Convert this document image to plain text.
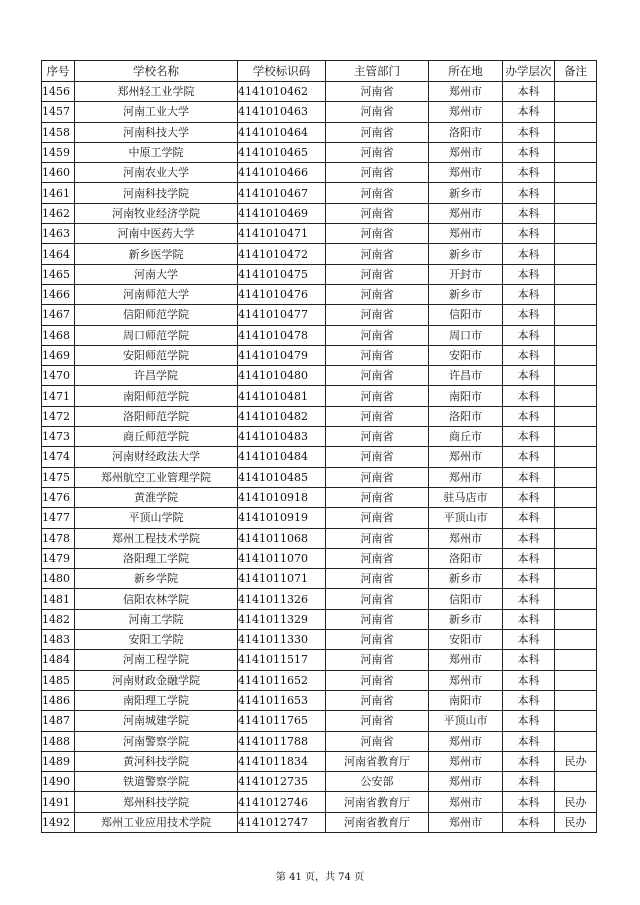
序号	学校名称	学校标识码	主管部门	所在地	办学层次	备注
1456	郑州轻工业学院	4141010462	河南省	郑州市	本科	
1457	河南工业大学	4141010463	河南省	郑州市	本科	
1458	河南科技大学	4141010464	河南省	洛阳市	本科	
1459	中原工学院	4141010465	河南省	郑州市	本科	
1460	河南农业大学	4141010466	河南省	郑州市	本科	
1461	河南科技学院	4141010467	河南省	新乡市	本科	
1462	河南牧业经济学院	4141010469	河南省	郑州市	本科	
1463	河南中医药大学	4141010471	河南省	郑州市	本科	
1464	新乡医学院	4141010472	河南省	新乡市	本科	
1465	河南大学	4141010475	河南省	开封市	本科	
1466	河南师范大学	4141010476	河南省	新乡市	本科	
1467	信阳师范学院	4141010477	河南省	信阳市	本科	
1468	周口师范学院	4141010478	河南省	周口市	本科	
1469	安阳师范学院	4141010479	河南省	安阳市	本科	
1470	许昌学院	4141010480	河南省	许昌市	本科	
1471	南阳师范学院	4141010481	河南省	南阳市	本科	
1472	洛阳师范学院	4141010482	河南省	洛阳市	本科	
1473	商丘师范学院	4141010483	河南省	商丘市	本科	
1474	河南财经政法大学	4141010484	河南省	郑州市	本科	
1475	郑州航空工业管理学院	4141010485	河南省	郑州市	本科	
1476	黄淮学院	4141010918	河南省	驻马店市	本科	
1477	平顶山学院	4141010919	河南省	平顶山市	本科	
1478	郑州工程技术学院	4141011068	河南省	郑州市	本科	
1479	洛阳理工学院	4141011070	河南省	洛阳市	本科	
1480	新乡学院	4141011071	河南省	新乡市	本科	
1481	信阳农林学院	4141011326	河南省	信阳市	本科	
1482	河南工学院	4141011329	河南省	新乡市	本科	
1483	安阳工学院	4141011330	河南省	安阳市	本科	
1484	河南工程学院	4141011517	河南省	郑州市	本科	
1485	河南财政金融学院	4141011652	河南省	郑州市	本科	
1486	南阳理工学院	4141011653	河南省	南阳市	本科	
1487	河南城建学院	4141011765	河南省	平顶山市	本科	
1488	河南警察学院	4141011788	河南省	郑州市	本科	
1489	黄河科技学院	4141011834	河南省教育厅	郑州市	本科	民办
1490	铁道警察学院	4141012735	公安部	郑州市	本科	
1491	郑州科技学院	4141012746	河南省教育厅	郑州市	本科	民办
1492	郑州工业应用技术学院	4141012747	河南省教育厅	郑州市	本科	民办
第 41 页，共 74 页
